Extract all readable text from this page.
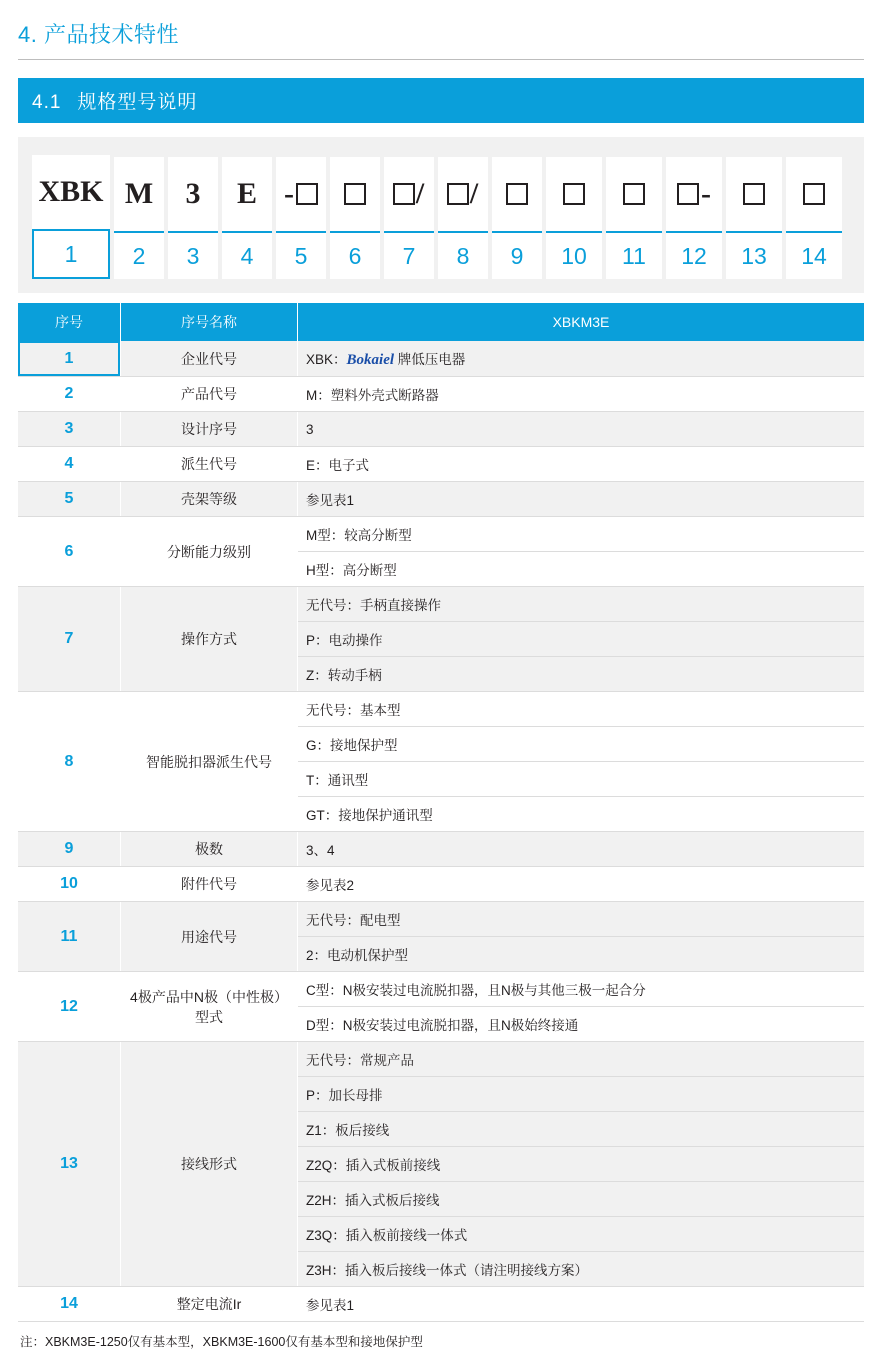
4. 产品技术特性
4.1 规格型号说明
XBK
1
M
2
3
3
E
4
-
5	6
/
7
/
8	9	10	11
-
12	13	14
序号	序号名称	XBKM3E
1	企业代号	XBK：Bokaiel 牌低压电器
2	产品代号	M：塑料外壳式断路器
3	设计序号	3
4	派生代号	E：电子式
5	壳架等级	参见表1
6	分断能力级别	M型：较高分断型
		H型：高分断型
7	操作方式	无代号：手柄直接操作
		P：电动操作
		Z：转动手柄
8	智能脱扣器派生代号	无代号：基本型
		G：接地保护型
		T：通讯型
		GT：接地保护通讯型
9	极数	3、4
10	附件代号	参见表2
11	用途代号	无代号：配电型
		2：电动机保护型
12	4极产品中N极（中性极）型式	C型：N极安装过电流脱扣器，且N极与其他三极一起合分
		D型：N极安装过电流脱扣器，且N极始终接通
13	接线形式	无代号：常规产品
		P：加长母排
		Z1：板后接线
		Z2Q：插入式板前接线
		Z2H：插入式板后接线
		Z3Q：插入板前接线一体式
		Z3H：插入板后接线一体式（请注明接线方案）
14	整定电流Ir	参见表1
注：XBKM3E-1250仅有基本型，XBKM3E-1600仅有基本型和接地保护型
